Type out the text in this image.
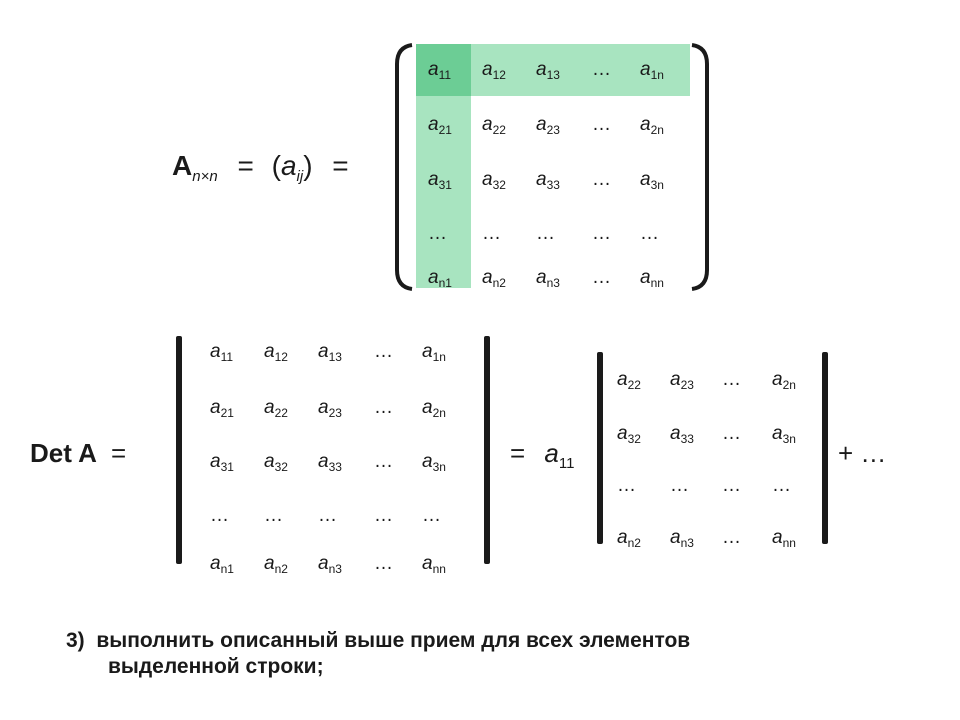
$A_{n\times n} = (a_{ij})$ =
$a_{11}$ $a_{12}$ $a_{13}$ … $a_{1n}$
$a_{21}$ $a_{22}$ $a_{23}$ … $a_{2n}$
$a_{31}$ $a_{32}$ $a_{33}$ … $a_{3n}$
… … … … …
$a_{n1}$ $a_{n2}$ $a_{n3}$ … $a_{nn}$
Det A =
$a_{11}$ $a_{12}$ $a_{13}$ … $a_{1n}$
$a_{21}$ $a_{22}$ $a_{23}$ … $a_{2n}$
$a_{31}$ $a_{32}$ $a_{33}$ … $a_{3n}$
… … … … …
$a_{n1}$ $a_{n2}$ $a_{n3}$ … $a_{nn}$
= $a_{11}$
$a_{22}$ $a_{23}$ … $a_{2n}$
$a_{32}$ $a_{33}$ … $a_{3n}$
… … … …
$a_{n2}$ $a_{n3}$ … $a_{nn}$
+ …
3) выполнить описанный выше прием для всех элементов
выделенной строки;
